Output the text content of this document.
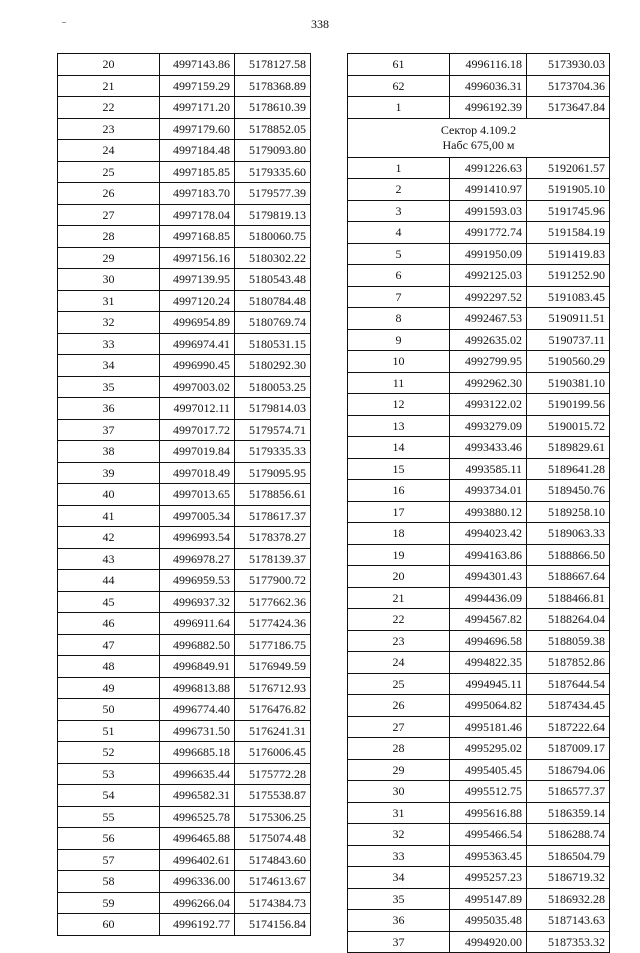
338
20	4997143.86	5178127.58
21	4997159.29	5178368.89
22	4997171.20	5178610.39
23	4997179.60	5178852.05
24	4997184.48	5179093.80
25	4997185.85	5179335.60
26	4997183.70	5179577.39
27	4997178.04	5179819.13
28	4997168.85	5180060.75
29	4997156.16	5180302.22
30	4997139.95	5180543.48
31	4997120.24	5180784.48
32	4996954.89	5180769.74
33	4996974.41	5180531.15
34	4996990.45	5180292.30
35	4997003.02	5180053.25
36	4997012.11	5179814.03
37	4997017.72	5179574.71
38	4997019.84	5179335.33
39	4997018.49	5179095.95
40	4997013.65	5178856.61
41	4997005.34	5178617.37
42	4996993.54	5178378.27
43	4996978.27	5178139.37
44	4996959.53	5177900.72
45	4996937.32	5177662.36
46	4996911.64	5177424.36
47	4996882.50	5177186.75
48	4996849.91	5176949.59
49	4996813.88	5176712.93
50	4996774.40	5176476.82
51	4996731.50	5176241.31
52	4996685.18	5176006.45
53	4996635.44	5175772.28
54	4996582.31	5175538.87
55	4996525.78	5175306.25
56	4996465.88	5175074.48
57	4996402.61	5174843.60
58	4996336.00	5174613.67
59	4996266.04	5174384.73
60	4996192.77	5174156.84
61	4996116.18	5173930.03
62	4996036.31	5173704.36
1	4996192.39	5173647.84

Сектор 4.109.2
Набс 675,00 м		

1	4991226.63	5192061.57
2	4991410.97	5191905.10
3	4991593.03	5191745.96
4	4991772.74	5191584.19
5	4991950.09	5191419.83
6	4992125.03	5191252.90
7	4992297.52	5191083.45
8	4992467.53	5190911.51
9	4992635.02	5190737.11
10	4992799.95	5190560.29
11	4992962.30	5190381.10
12	4993122.02	5190199.56
13	4993279.09	5190015.72
14	4993433.46	5189829.61
15	4993585.11	5189641.28
16	4993734.01	5189450.76
17	4993880.12	5189258.10
18	4994023.42	5189063.33
19	4994163.86	5188866.50
20	4994301.43	5188667.64
21	4994436.09	5188466.81
22	4994567.82	5188264.04
23	4994696.58	5188059.38
24	4994822.35	5187852.86
25	4994945.11	5187644.54
26	4995064.82	5187434.45
27	4995181.46	5187222.64
28	4995295.02	5187009.17
29	4995405.45	5186794.06
30	4995512.75	5186577.37
31	4995616.88	5186359.14
32	4995466.54	5186288.74
33	4995363.45	5186504.79
34	4995257.23	5186719.32
35	4995147.89	5186932.28
36	4995035.48	5187143.63
37	4994920.00	5187353.32
